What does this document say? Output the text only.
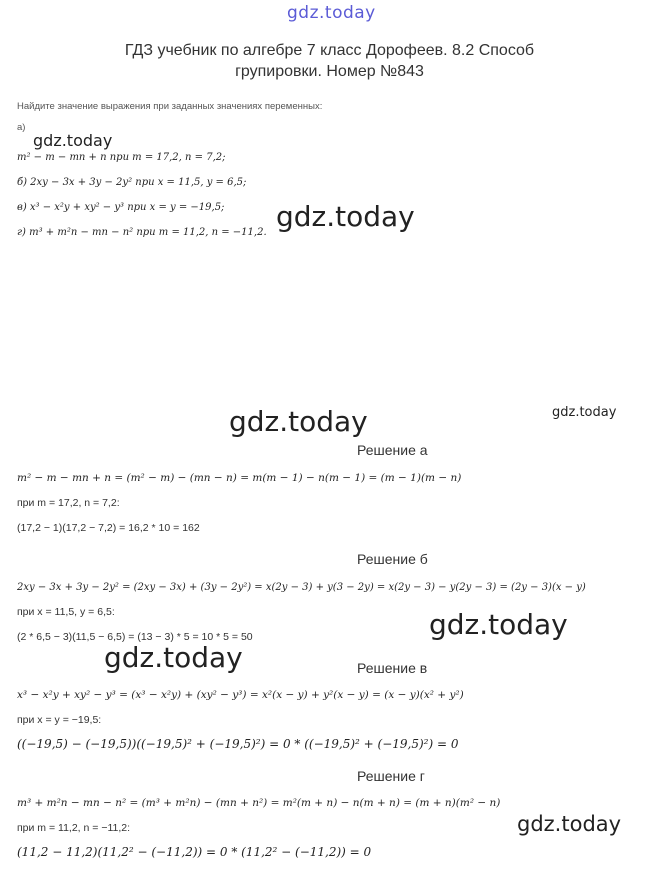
gdz.today
ГДЗ учебник по алгебре 7 класс Дорофеев. 8.2 Способ
групировки. Номер №843
Найдите значение выражения при заданных значениях переменных:
а)
gdz.today
m² − m − mn + n при m = 17,2, n = 7,2;
б) 2xy − 3x + 3y − 2y² при x = 11,5, y = 6,5;
в) x³ − x²y + xy² − y³ при x = y = −19,5; gdz.today
г) m³ + m²n − mn − n² при m = 11,2, n = −11,2.
gdz.today	gdz.today
Решение а
m² − m − mn + n = (m² − m) − (mn − n) = m(m − 1) − n(m − 1) = (m − 1)(m − n)
при m = 17,2, n = 7,2:
(17,2 − 1)(17,2 − 7,2) = 16,2 * 10 = 162
Решение б
2xy − 3x + 3y − 2y² = (2xy − 3x) + (3y − 2y²) = x(2y − 3) + y(3 − 2y) = x(2y − 3) − y(2y − 3) = (2y − 3)(x − y)
при x = 11,5, y = 6,5:
(2 * 6,5 − 3)(11,5 − 6,5) = (13 − 3) * 5 = 10 * 5 = 50	gdz.today
gdz.today	Решение в
x³ − x²y + xy² − y³ = (x³ − x²y) + (xy² − y³) = x²(x − y) + y²(x − y) = (x − y)(x² + y²)
при x = y = −19,5:
((−19,5) − (−19,5))((−19,5)² + (−19,5)²) = 0 * ((−19,5)² + (−19,5)²) = 0
Решение г
m³ + m²n − mn − n² = (m³ + m²n) − (mn + n²) = m²(m + n) − n(m + n) = (m + n)(m² − n)
при m = 11,2, n = −11,2:	gdz.today
(11,2 − 11,2)(11,2² − (−11,2)) = 0 * (11,2² − (−11,2)) = 0
